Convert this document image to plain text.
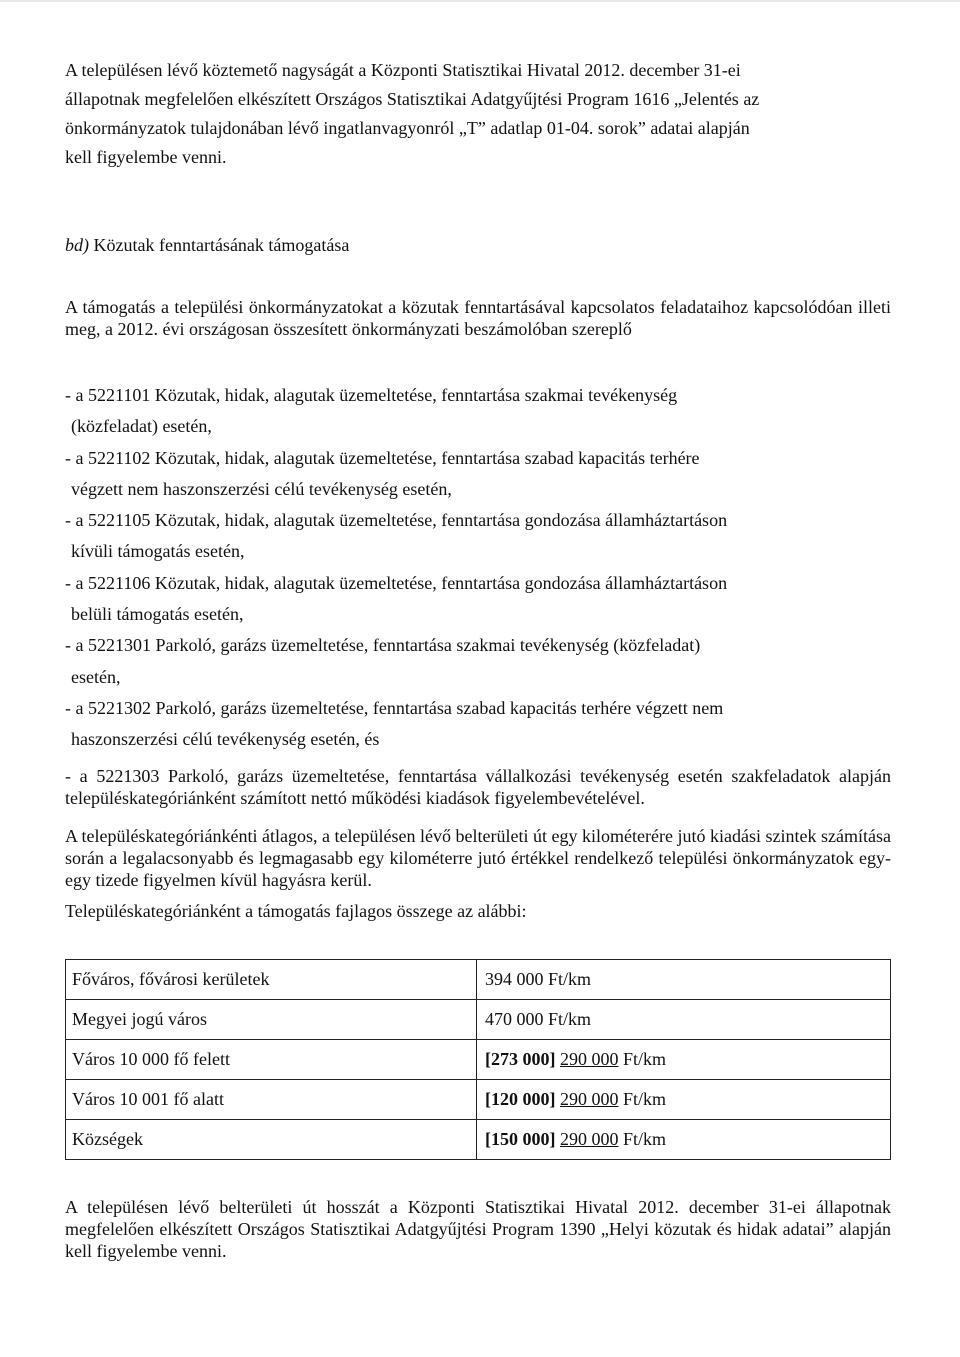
A településen lévő köztemető nagyságát a Központi Statisztikai Hivatal 2012. december 31-ei
állapotnak megfelelően elkészített Országos Statisztikai Adatgyűjtési Program 1616 „Jelentés az
önkormányzatok tulajdonában lévő ingatlanvagyonról „T” adatlap 01-04. sorok” adatai alapján
kell figyelembe venni.
bd) Közutak fenntartásának támogatása

A támogatás a települési önkormányzatokat a közutak fenntartásával kapcsolatos feladataihoz kapcsolódóan illeti meg, a 2012. évi országosan összesített önkormányzati beszámolóban szereplő

- a 5221101 Közutak, hidak, alagutak üzemeltetése, fenntartása szakmai tevékenység
(közfeladat) esetén,
- a 5221102 Közutak, hidak, alagutak üzemeltetése, fenntartása szabad kapacitás terhére
végzett nem haszonszerzési célú tevékenység esetén,
- a 5221105 Közutak, hidak, alagutak üzemeltetése, fenntartása gondozása államháztartáson
kívüli támogatás esetén,
- a 5221106 Közutak, hidak, alagutak üzemeltetése, fenntartása gondozása államháztartáson
belüli támogatás esetén,
- a 5221301 Parkoló, garázs üzemeltetése, fenntartása szakmai tevékenység (közfeladat)
esetén,
- a 5221302 Parkoló, garázs üzemeltetése, fenntartása szabad kapacitás terhére végzett nem
haszonszerzési célú tevékenység esetén, és

- a 5221303 Parkoló, garázs üzemeltetése, fenntartása vállalkozási tevékenység esetén szakfeladatok alapján településkategóriánként számított nettó működési kiadások figyelembevételével.

A településkategóriánkénti átlagos, a településen lévő belterületi út egy kilométerére jutó kiadási szintek számítása során a legalacsonyabb és legmagasabb egy kilométerre jutó értékkel rendelkező települési önkormányzatok egy-egy tizede figyelmen kívül hagyásra kerül.

Településkategóriánként a támogatás fajlagos összege az alábbi:

Főváros, fővárosi kerületek	394 000 Ft/km
Megyei jogú város	470 000 Ft/km
Város 10 000 fő felett	[273 000] 290 000 Ft/km
Város 10 001 fő alatt	[120 000] 290 000 Ft/km
Községek	[150 000] 290 000 Ft/km

A településen lévő belterületi út hosszát a Központi Statisztikai Hivatal 2012. december 31-ei állapotnak megfelelően elkészített Országos Statisztikai Adatgyűjtési Program 1390 „Helyi közutak és hidak adatai” alapján kell figyelembe venni.
